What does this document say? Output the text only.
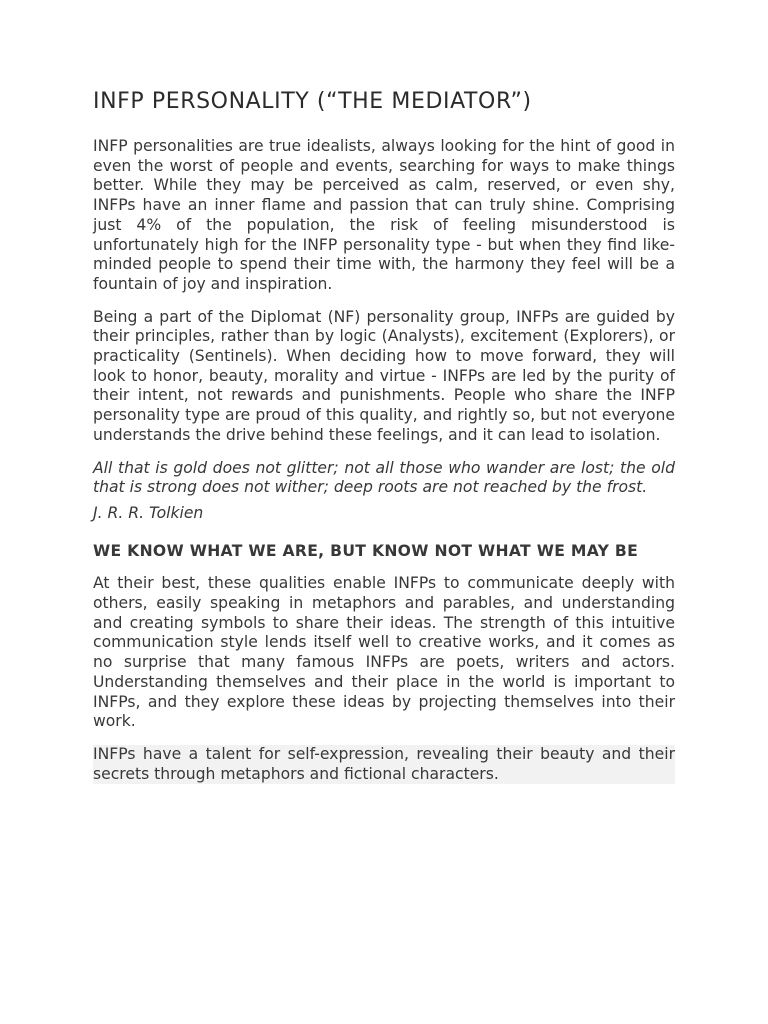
INFP PERSONALITY (“THE MEDIATOR”)

INFP personalities are true idealists, always looking for the hint of good in even the worst of people and events, searching for ways to make things better. While they may be perceived as calm, reserved, or even shy, INFPs have an inner flame and passion that can truly shine. Comprising just 4% of the population, the risk of feeling misunderstood is unfortunately high for the INFP personality type - but when they find like-minded people to spend their time with, the harmony they feel will be a fountain of joy and inspiration.

Being a part of the Diplomat (NF) personality group, INFPs are guided by their principles, rather than by logic (Analysts), excitement (Explorers), or practicality (Sentinels). When deciding how to move forward, they will look to honor, beauty, morality and virtue - INFPs are led by the purity of their intent, not rewards and punishments. People who share the INFP personality type are proud of this quality, and rightly so, but not everyone understands the drive behind these feelings, and it can lead to isolation.

All that is gold does not glitter; not all those who wander are lost; the old that is strong does not wither; deep roots are not reached by the frost.

J. R. R. Tolkien

WE KNOW WHAT WE ARE, BUT KNOW NOT WHAT WE MAY BE

At their best, these qualities enable INFPs to communicate deeply with others, easily speaking in metaphors and parables, and understanding and creating symbols to share their ideas. The strength of this intuitive communication style lends itself well to creative works, and it comes as no surprise that many famous INFPs are poets, writers and actors. Understanding themselves and their place in the world is important to INFPs, and they explore these ideas by projecting themselves into their work.

INFPs have a talent for self-expression, revealing their beauty and their secrets through metaphors and fictional characters.
